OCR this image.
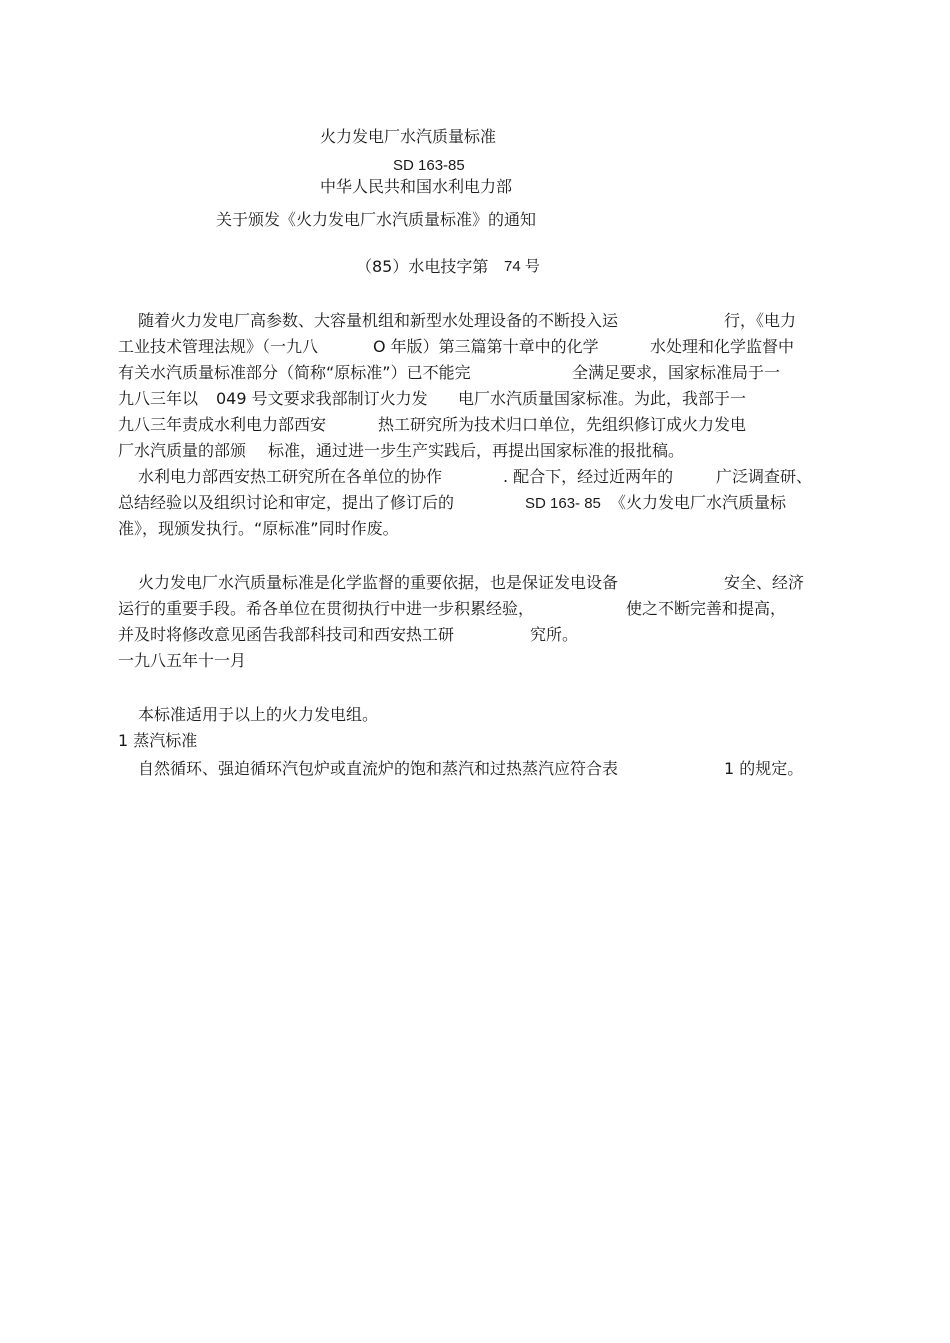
火力发电厂水汽质量标准
SD 163-85
中华人民共和国水利电力部
关于颁发《火力发电厂水汽质量标准》的通知
（85）水电技字第 74 号
随着火力发电厂高参数、大容量机组和新型水处理设备的不断投入运	行，《电力
工业技术管理法规》（一九八	O 年版）第三篇第十章中的化学	水处理和化学监督中
有关水汽质量标准部分（简称“原标准”）已不能完	全满足要求，国家标准局于一
九八三年以 049 号文要求我部制订火力发 电厂水汽质量国家标准。为此，我部于一
九八三年责成水利电力部西安	热工研究所为技术归口单位，先组织修订成火力发电
厂水汽质量的部颁 标准，通过进一步生产实践后，再提出国家标准的报批稿。
水利电力部西安热工研究所在各单位的协作	. 配合下，经过近两年的	广泛调查研、
总结经验以及组织讨论和审定，提出了修订后的	SD 163- 85 《火力发电厂水汽质量标
准》，现颁发执行。“原标准”同时作废。
火力发电厂水汽质量标准是化学监督的重要依据，也是保证发电设备	安全、经济
运行的重要手段。希各单位在贯彻执行中进一步积累经验，	使之不断完善和提高，
并及时将修改意见函告我部科技司和西安热工研	究所。
一九八五年十一月
本标准适用于以上的火力发电组。
1 蒸汽标准
自然循环、强迫循环汽包炉或直流炉的饱和蒸汽和过热蒸汽应符合表	1 的规定。
